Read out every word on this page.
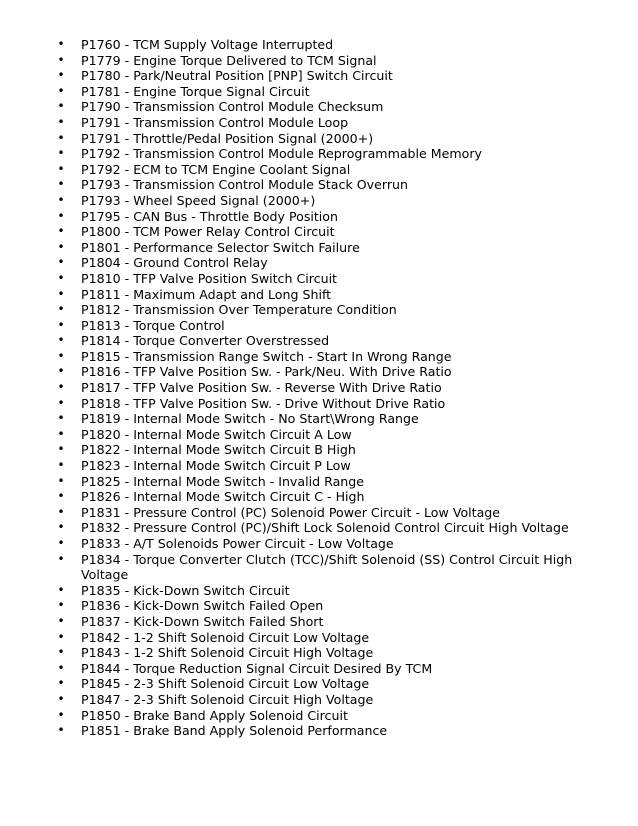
• P1760 - TCM Supply Voltage Interrupted
• P1779 - Engine Torque Delivered to TCM Signal
• P1780 - Park/Neutral Position [PNP] Switch Circuit
• P1781 - Engine Torque Signal Circuit
• P1790 - Transmission Control Module Checksum
• P1791 - Transmission Control Module Loop
• P1791 - Throttle/Pedal Position Signal (2000+)
• P1792 - Transmission Control Module Reprogrammable Memory
• P1792 - ECM to TCM Engine Coolant Signal
• P1793 - Transmission Control Module Stack Overrun
• P1793 - Wheel Speed Signal (2000+)
• P1795 - CAN Bus - Throttle Body Position
• P1800 - TCM Power Relay Control Circuit
• P1801 - Performance Selector Switch Failure
• P1804 - Ground Control Relay
• P1810 - TFP Valve Position Switch Circuit
• P1811 - Maximum Adapt and Long Shift
• P1812 - Transmission Over Temperature Condition
• P1813 - Torque Control
• P1814 - Torque Converter Overstressed
• P1815 - Transmission Range Switch - Start In Wrong Range
• P1816 - TFP Valve Position Sw. - Park/Neu. With Drive Ratio
• P1817 - TFP Valve Position Sw. - Reverse With Drive Ratio
• P1818 - TFP Valve Position Sw. - Drive Without Drive Ratio
• P1819 - Internal Mode Switch - No Start\Wrong Range
• P1820 - Internal Mode Switch Circuit A Low
• P1822 - Internal Mode Switch Circuit B High
• P1823 - Internal Mode Switch Circuit P Low
• P1825 - Internal Mode Switch - Invalid Range
• P1826 - Internal Mode Switch Circuit C - High
• P1831 - Pressure Control (PC) Solenoid Power Circuit - Low Voltage
• P1832 - Pressure Control (PC)/Shift Lock Solenoid Control Circuit High Voltage
• P1833 - A/T Solenoids Power Circuit - Low Voltage
• P1834 - Torque Converter Clutch (TCC)/Shift Solenoid (SS) Control Circuit High Voltage
• P1835 - Kick-Down Switch Circuit
• P1836 - Kick-Down Switch Failed Open
• P1837 - Kick-Down Switch Failed Short
• P1842 - 1-2 Shift Solenoid Circuit Low Voltage
• P1843 - 1-2 Shift Solenoid Circuit High Voltage
• P1844 - Torque Reduction Signal Circuit Desired By TCM
• P1845 - 2-3 Shift Solenoid Circuit Low Voltage
• P1847 - 2-3 Shift Solenoid Circuit High Voltage
• P1850 - Brake Band Apply Solenoid Circuit
• P1851 - Brake Band Apply Solenoid Performance
